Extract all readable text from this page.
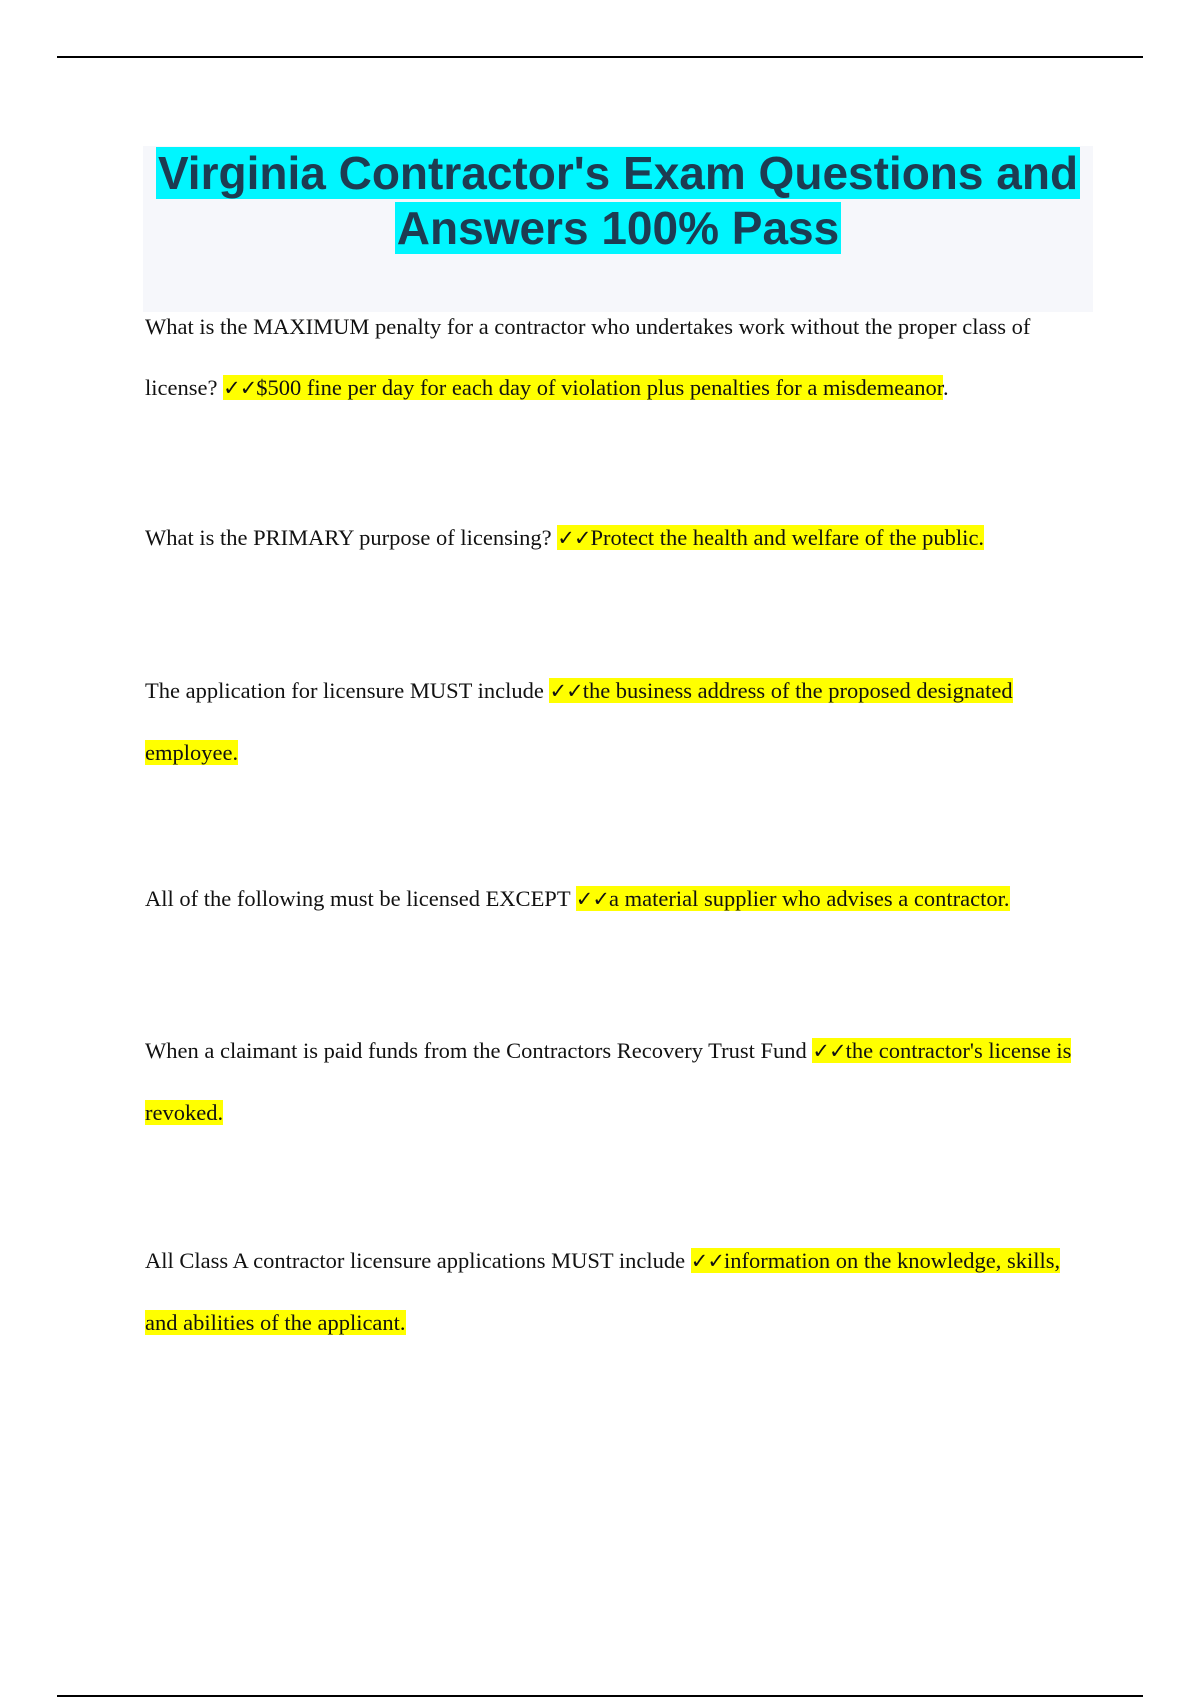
Virginia Contractor's Exam Questions and Answers 100% Pass

What is the MAXIMUM penalty for a contractor who undertakes work without the proper class of license? ✓✓$500 fine per day for each day of violation plus penalties for a misdemeanor.

What is the PRIMARY purpose of licensing? ✓✓Protect the health and welfare of the public.

The application for licensure MUST include ✓✓the business address of the proposed designated employee.

All of the following must be licensed EXCEPT ✓✓a material supplier who advises a contractor.

When a claimant is paid funds from the Contractors Recovery Trust Fund ✓✓the contractor's license is revoked.

All Class A contractor licensure applications MUST include ✓✓information on the knowledge, skills, and abilities of the applicant.
